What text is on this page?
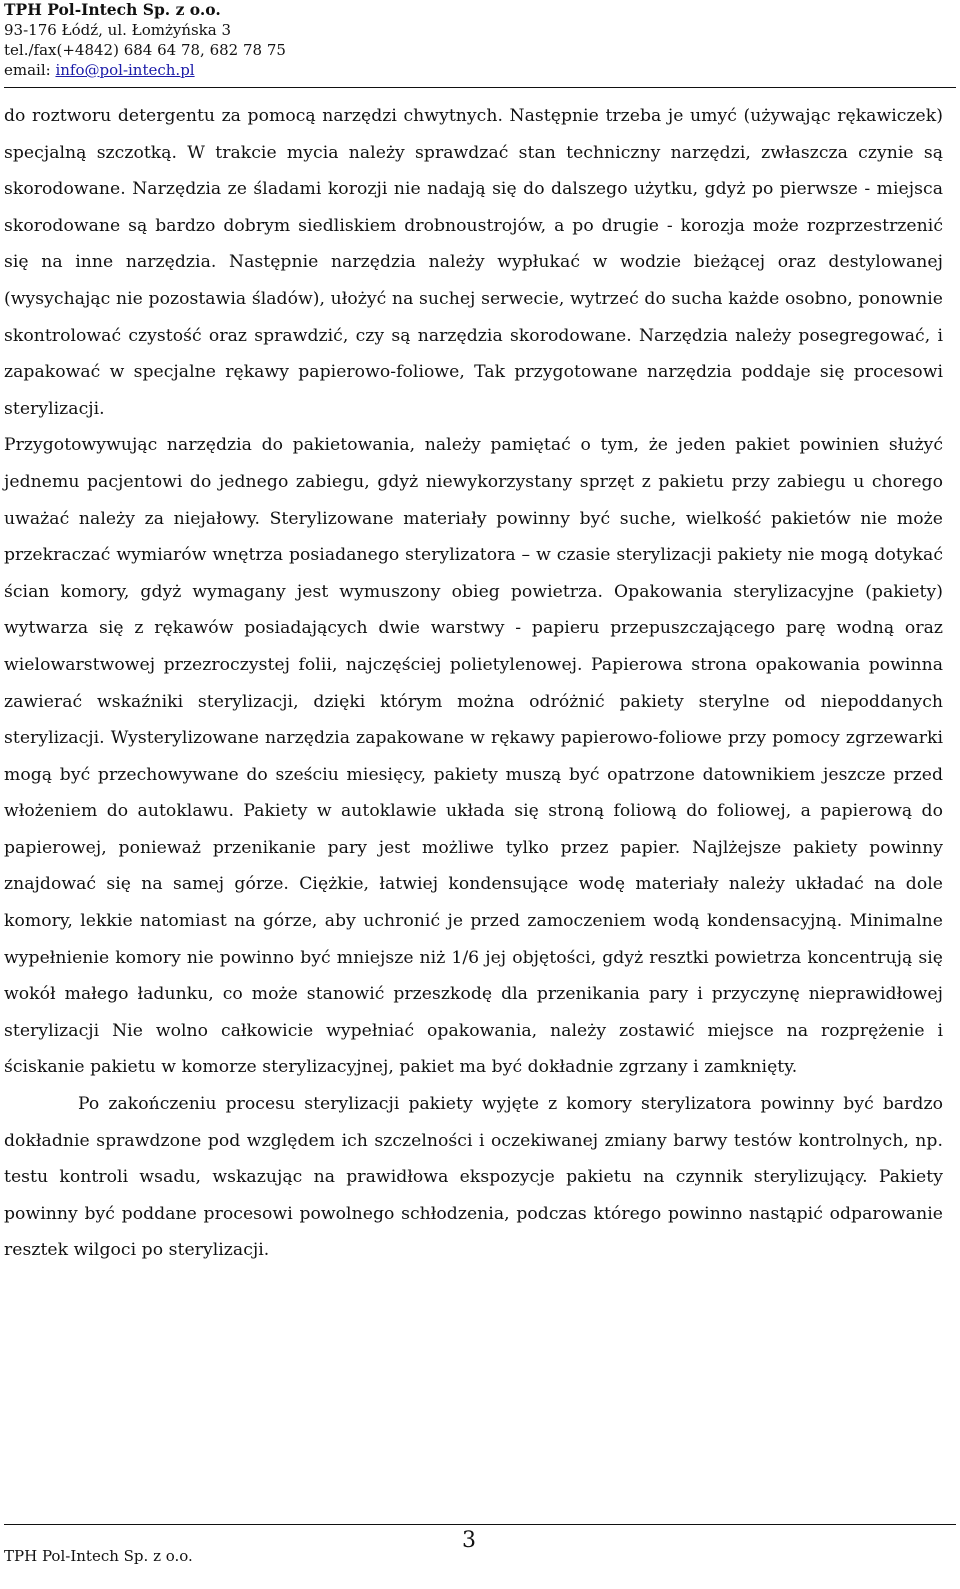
TPH Pol-Intech Sp. z o.o.
93-176 Łódź, ul. Łomżyńska 3
tel./fax(+4842) 684 64 78, 682 78 75
email: info@pol-intech.pl

do roztworu detergentu za pomocą narzędzi chwytnych. Następnie trzeba je umyć (używając rękawiczek) specjalną szczotką. W trakcie mycia należy sprawdzać stan techniczny narzędzi, zwłaszcza czynie są skorodowane. Narzędzia ze śladami korozji nie nadają się do dalszego użytku, gdyż po pierwsze - miejsca skorodowane są bardzo dobrym siedliskiem drobnoustrojów, a po drugie - korozja może rozprzestrzenić się na inne narzędzia. Następnie narzędzia należy wypłukać w wodzie bieżącej oraz destylowanej (wysychając nie pozostawia śladów), ułożyć na suchej serwecie, wytrzeć do sucha każde osobno, ponownie skontrolować czystość oraz sprawdzić, czy są narzędzia skorodowane. Narzędzia należy posegregować, i zapakować w specjalne rękawy papierowo-foliowe, Tak przygotowane narzędzia poddaje się procesowi sterylizacji.

Przygotowywując narzędzia do pakietowania, należy pamiętać o tym, że jeden pakiet powinien służyć jednemu pacjentowi do jednego zabiegu, gdyż niewykorzystany sprzęt z pakietu przy zabiegu u chorego uważać należy za niejałowy. Sterylizowane materiały powinny być suche, wielkość pakietów nie może przekraczać wymiarów wnętrza posiadanego sterylizatora – w czasie sterylizacji pakiety nie mogą dotykać ścian komory, gdyż wymagany jest wymuszony obieg powietrza. Opakowania sterylizacyjne (pakiety) wytwarza się z rękawów posiadających dwie warstwy - papieru przepuszczającego parę wodną oraz wielowarstwowej przezroczystej folii, najczęściej polietylenowej. Papierowa strona opakowania powinna zawierać wskaźniki sterylizacji, dzięki którym można odróżnić pakiety sterylne od niepoddanych sterylizacji. Wysterylizowane narzędzia zapakowane w rękawy papierowo-foliowe przy pomocy zgrzewarki mogą być przechowywane do sześciu miesięcy, pakiety muszą być opatrzone datownikiem jeszcze przed włożeniem do autoklawu. Pakiety w autoklawie układa się stroną foliową do foliowej, a papierową do papierowej, ponieważ przenikanie pary jest możliwe tylko przez papier. Najlżejsze pakiety powinny znajdować się na samej górze. Ciężkie, łatwiej kondensujące wodę materiały należy układać na dole komory, lekkie natomiast na górze, aby uchronić je przed zamoczeniem wodą kondensacyjną. Minimalne wypełnienie komory nie powinno być mniejsze niż 1/6 jej objętości, gdyż resztki powietrza koncentrują się wokół małego ładunku, co może stanowić przeszkodę dla przenikania pary i przyczynę nieprawidłowej sterylizacji Nie wolno całkowicie wypełniać opakowania, należy zostawić miejsce na rozprężenie i ściskanie pakietu w komorze sterylizacyjnej, pakiet ma być dokładnie zgrzany i zamknięty.

Po zakończeniu procesu sterylizacji pakiety wyjęte z komory sterylizatora powinny być bardzo dokładnie sprawdzone pod względem ich szczelności i oczekiwanej zmiany barwy testów kontrolnych, np. testu kontroli wsadu, wskazując na prawidłowa ekspozycje pakietu na czynnik sterylizujący. Pakiety powinny być poddane procesowi powolnego schłodzenia, podczas którego powinno nastąpić odparowanie resztek wilgoci po sterylizacji.

3
TPH Pol-Intech Sp. z o.o.
